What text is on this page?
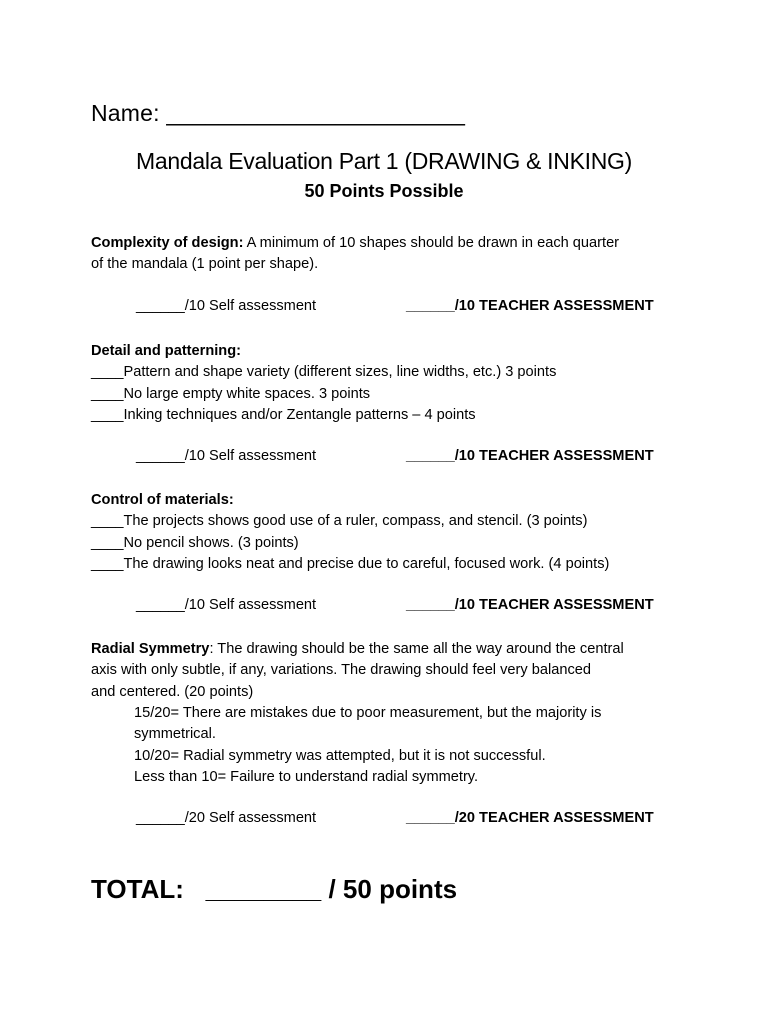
Name: _______________________
Mandala Evaluation Part 1 (DRAWING & INKING)
50 Points Possible
Complexity of design: A minimum of 10 shapes should be drawn in each quarter
of the mandala (1 point per shape).
______/10 Self assessment	______/10 TEACHER ASSESSMENT
Detail and patterning:
____Pattern and shape variety (different sizes, line widths, etc.) 3 points
____No large empty white spaces. 3 points
____Inking techniques and/or Zentangle patterns – 4 points
______/10 Self assessment	______/10 TEACHER ASSESSMENT
Control of materials:
____The projects shows good use of a ruler, compass, and stencil. (3 points)
____No pencil shows. (3 points)
____The drawing looks neat and precise due to careful, focused work. (4 points)
______/10 Self assessment	______/10 TEACHER ASSESSMENT
Radial Symmetry: The drawing should be the same all the way around the central
axis with only subtle, if any, variations. The drawing should feel very balanced
and centered. (20 points)
15/20= There are mistakes due to poor measurement, but the majority is
symmetrical.
10/20= Radial symmetry was attempted, but it is not successful.
Less than 10= Failure to understand radial symmetry.
______/20 Self assessment	______/20 TEACHER ASSESSMENT
TOTAL:   ________ / 50 points
